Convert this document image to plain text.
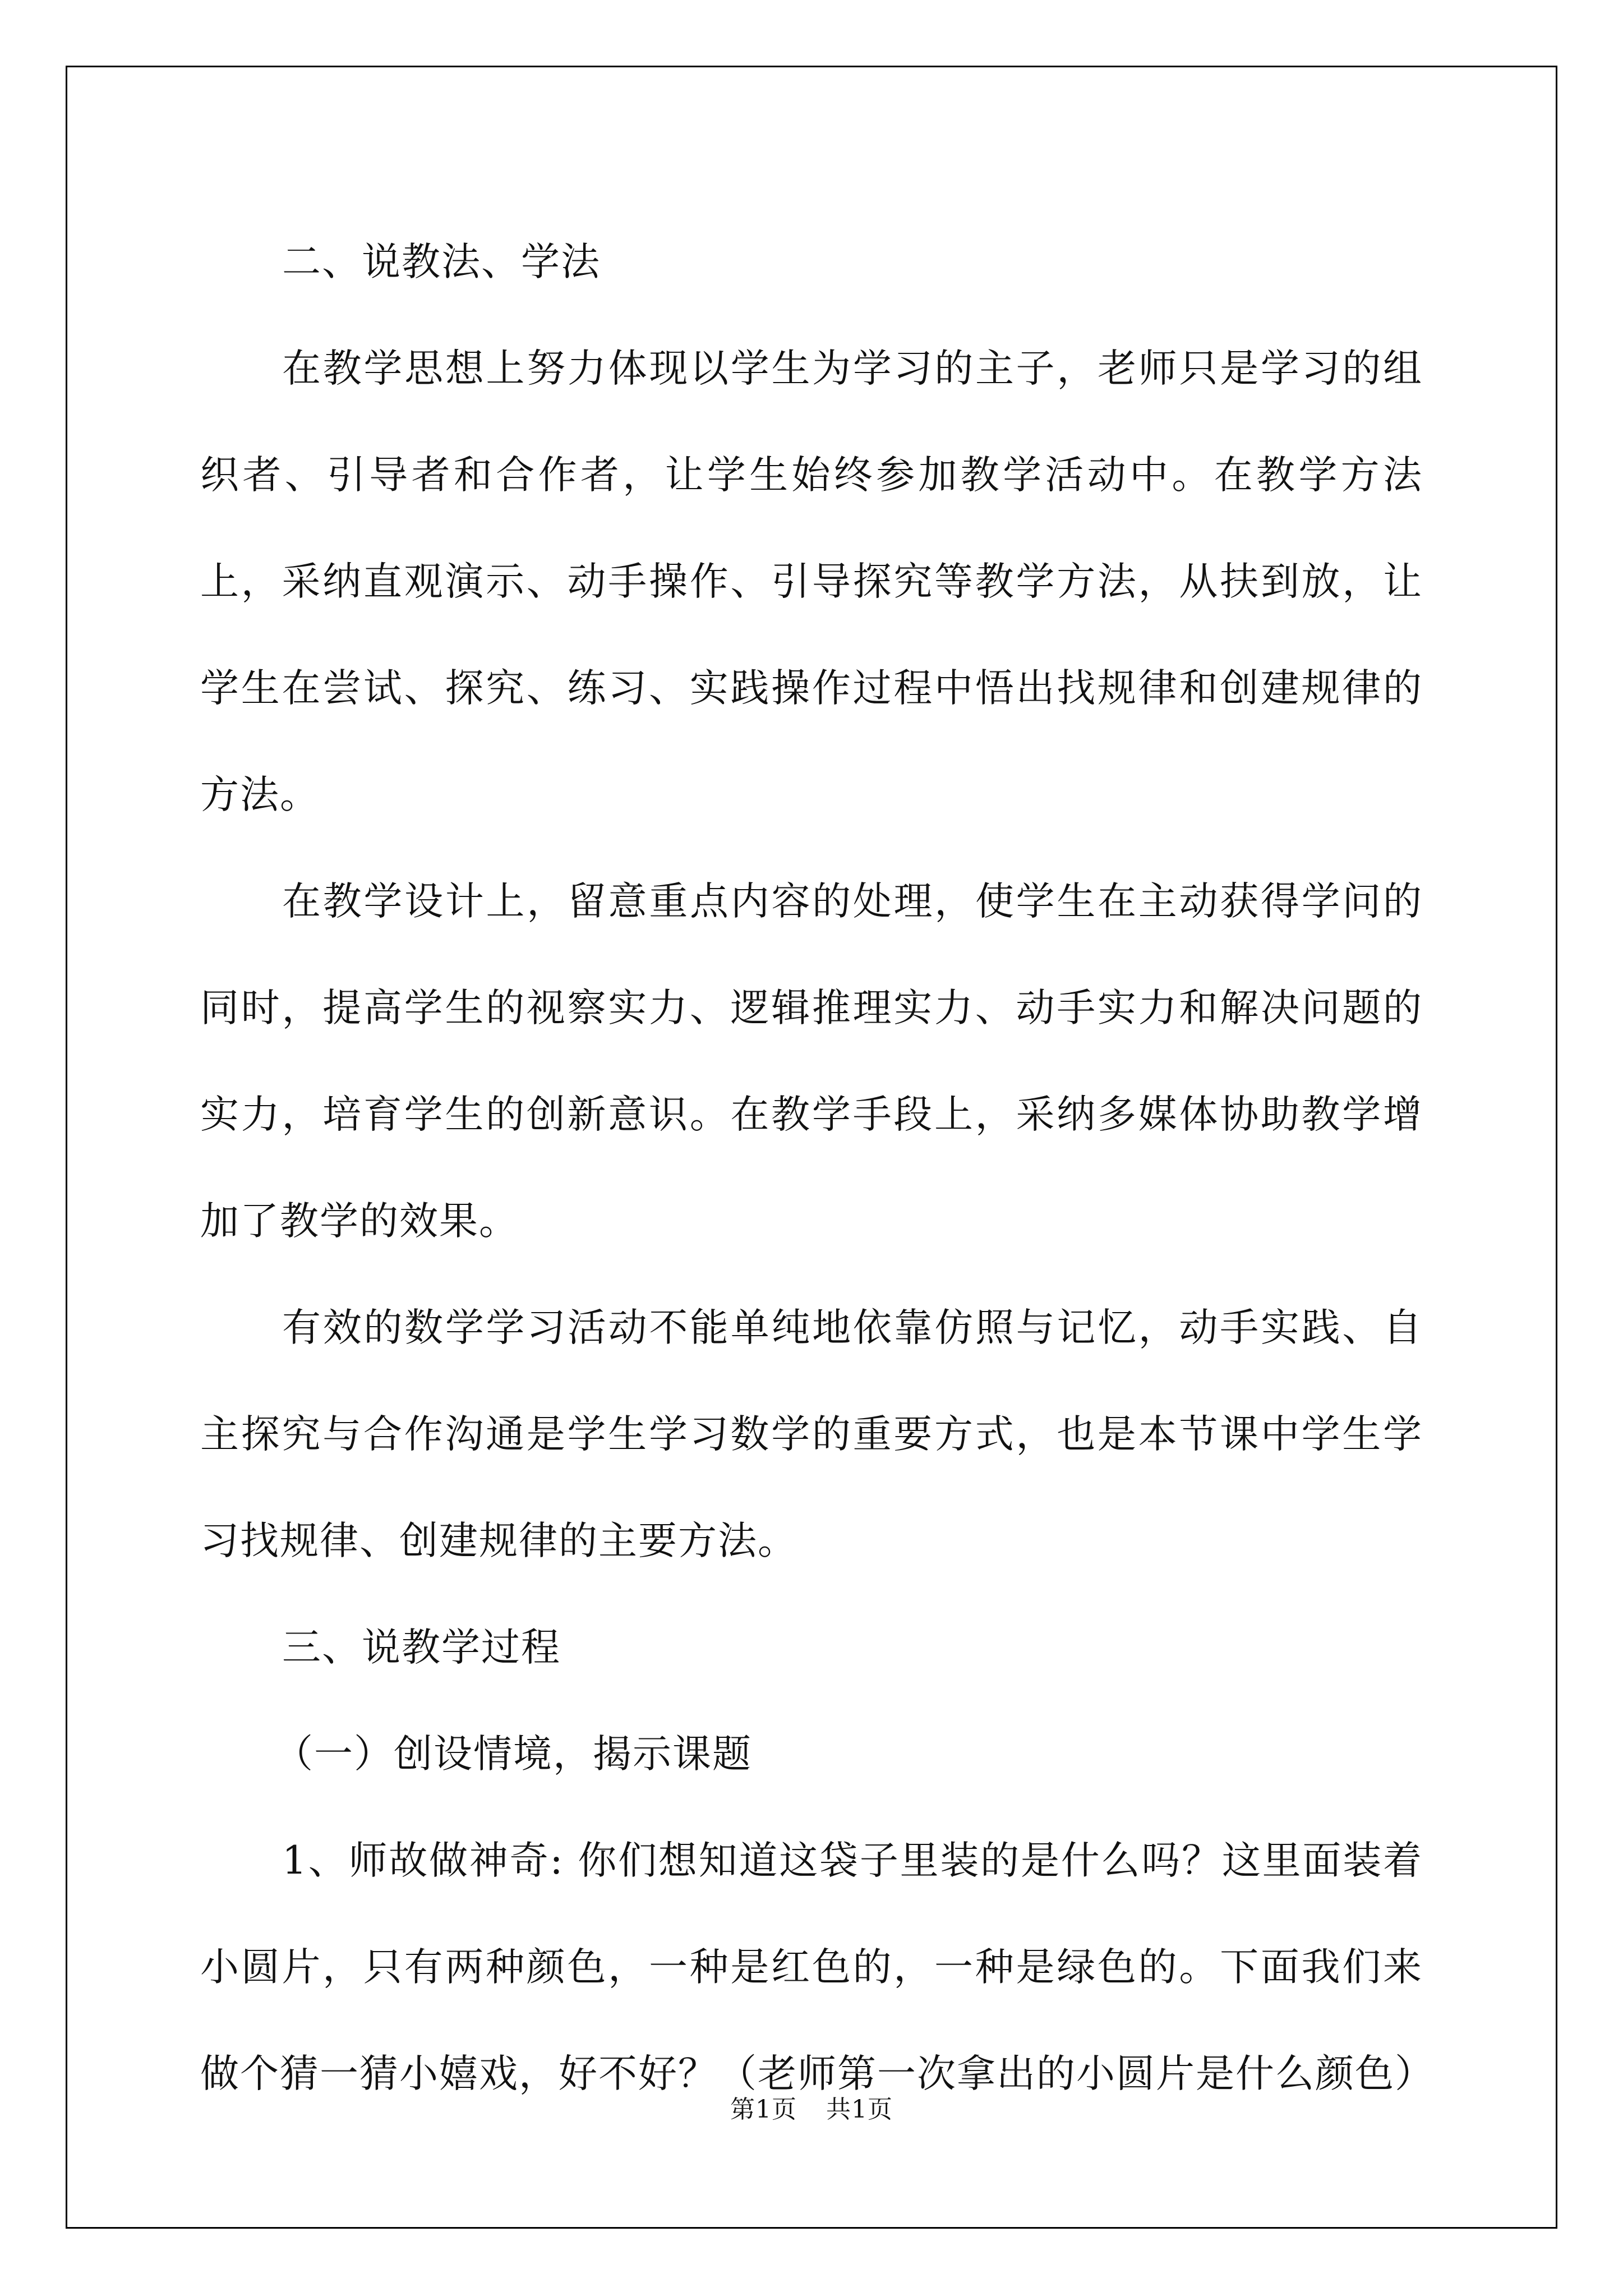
二、说教法、学法

在教学思想上努力体现以学生为学习的主子，老师只是学习的组织者、引导者和合作者，让学生始终参加教学活动中。在教学方法上，采纳直观演示、动手操作、引导探究等教学方法，从扶到放，让学生在尝试、探究、练习、实践操作过程中悟出找规律和创建规律的方法。

在教学设计上，留意重点内容的处理，使学生在主动获得学问的同时，提高学生的视察实力、逻辑推理实力、动手实力和解决问题的实力，培育学生的创新意识。在教学手段上，采纳多媒体协助教学增加了教学的效果。

有效的数学学习活动不能单纯地依靠仿照与记忆，动手实践、自主探究与合作沟通是学生学习数学的重要方式，也是本节课中学生学习找规律、创建规律的主要方法。

三、说教学过程

（一）创设情境，揭示课题

1、师故做神奇: 你们想知道这袋子里装的是什么吗？这里面装着小圆片，只有两种颜色，一种是红色的，一种是绿色的。下面我们来做个猜一猜小嬉戏，好不好？（老师第一次拿出的小圆片是什么颜色）

第1页 共1页
